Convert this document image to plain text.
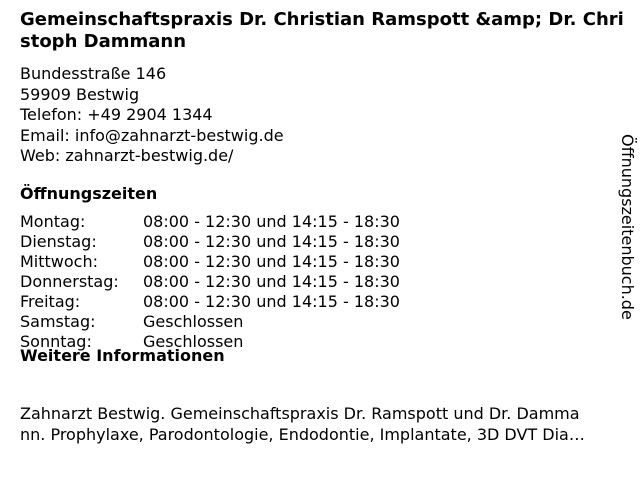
Gemeinschaftspraxis Dr. Christian Ramspott &amp; Dr. Christoph Dammann
Bundesstraße 146
59909 Bestwig
Telefon: +49 2904 1344
Email: info@zahnarzt-bestwig.de
Web: zahnarzt-bestwig.de/
Öffnungszeiten
Montag:	08:00 - 12:30 und 14:15 - 18:30
Dienstag:	08:00 - 12:30 und 14:15 - 18:30
Mittwoch:	08:00 - 12:30 und 14:15 - 18:30
Donnerstag:	08:00 - 12:30 und 14:15 - 18:30
Freitag:	08:00 - 12:30 und 14:15 - 18:30
Samstag:	Geschlossen
Sonntag:	Geschlossen
Weitere Informationen

Zahnarzt Bestwig. Gemeinschaftspraxis Dr. Ramspott und Dr. Damma
nn. Prophylaxe, Parodontologie, Endodontie, Implantate, 3D DVT Dia…

Öffnungszeitenbuch.de
